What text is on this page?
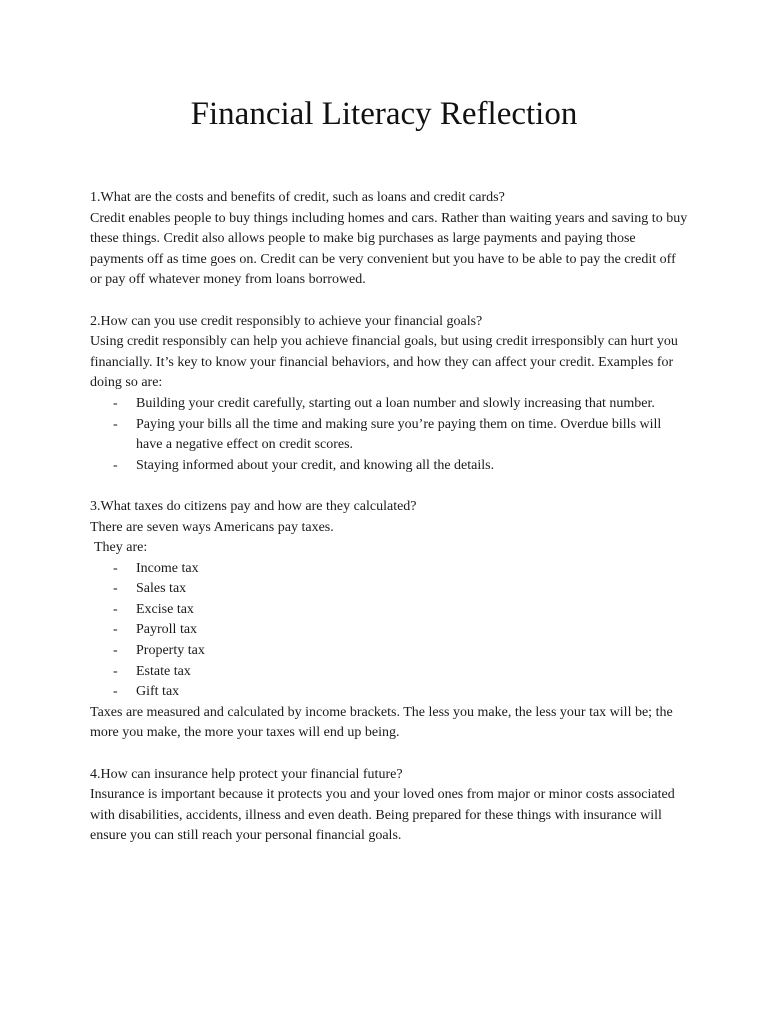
Financial Literacy Reflection

1.What are the costs and benefits of credit, such as loans and credit cards?

Credit enables people to buy things including homes and cars. Rather than waiting years and saving to buy these things. Credit also allows people to make big purchases as large payments and paying those payments off as time goes on. Credit can be very convenient but you have to be able to pay the credit off or pay off whatever money from loans borrowed.

2.How can you use credit responsibly to achieve your financial goals?

Using credit responsibly can help you achieve financial goals, but using credit irresponsibly can hurt you financially. It’s key to know your financial behaviors, and how they can affect your credit. Examples for doing so are:

- Building your credit carefully, starting out a loan number and slowly increasing that number.
- Paying your bills all the time and making sure you’re paying them on time. Overdue bills will have a negative effect on credit scores.
- Staying informed about your credit, and knowing all the details.

3.What taxes do citizens pay and how are they calculated?

There are seven ways Americans pay taxes.

They are:

- Income tax
- Sales tax
- Excise tax
- Payroll tax
- Property tax
- Estate tax
- Gift tax

Taxes are measured and calculated by income brackets. The less you make, the less your tax will be; the more you make, the more your taxes will end up being.

4.How can insurance help protect your financial future?

Insurance is important because it protects you and your loved ones from major or minor costs associated with disabilities, accidents, illness and even death. Being prepared for these things with insurance will ensure you can still reach your personal financial goals.
